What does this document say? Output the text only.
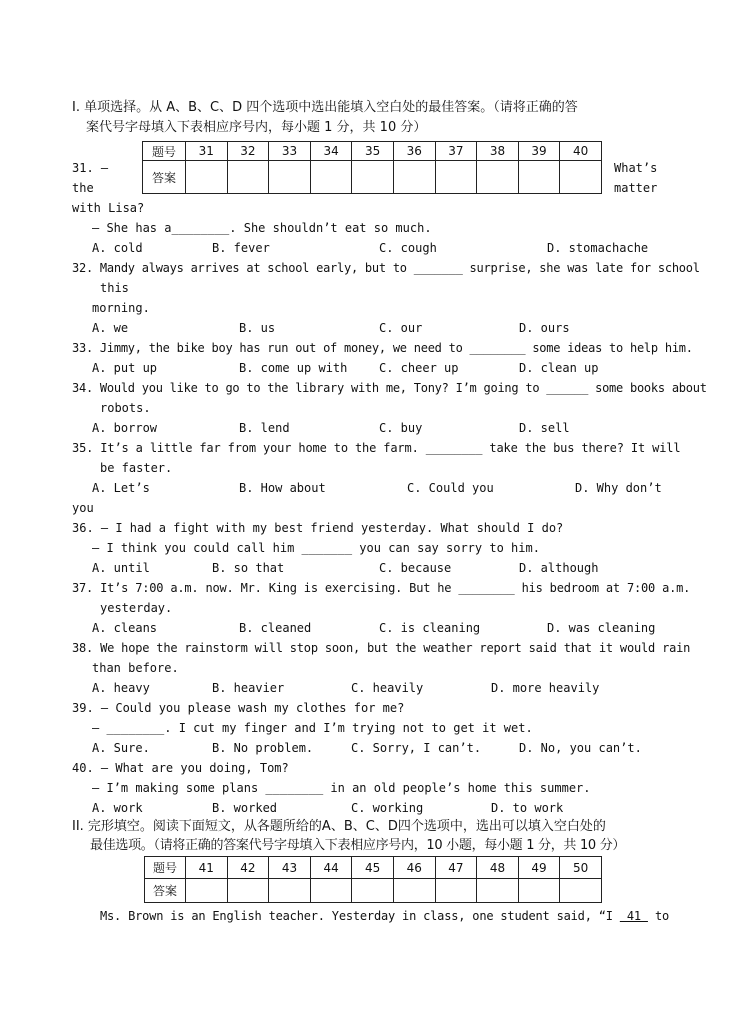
I. 单项选择。从 A、B、C、D 四个选项中选出能填入空白处的最佳答案。（请将正确的答
案代号字母填入下表相应序号内，每小题 1 分，共 10 分）
题号	31	32	33	34	35	36	37	38	39	40
答案										
31. —	What’s
the	matter
with Lisa?
— She has a________. She shouldn’t eat so much.
A. cold	B. fever	C. cough	D. stomachache
32. Mandy always arrives at school early, but to _______ surprise, she was late for school
this
morning.
A. we	B. us	C. our	D. ours
33. Jimmy, the bike boy has run out of money, we need to ________ some ideas to help him.
A. put up	B. come up with	C. cheer up	D. clean up
34. Would you like to go to the library with me, Tony? I’m going to ______ some books about
robots.
A. borrow	B. lend	C. buy	D. sell
35. It’s a little far from your home to the farm. ________ take the bus there? It will
be faster.
A. Let’s	B. How about	C. Could you	D. Why don’t
you
36. — I had a fight with my best friend yesterday. What should I do?
— I think you could call him _______ you can say sorry to him.
A. until	B. so that	C. because	D. although
37. It’s 7:00 a.m. now. Mr. King is exercising. But he ________ his bedroom at 7:00 a.m.
yesterday.
A. cleans	B. cleaned	C. is cleaning	D. was cleaning
38. We hope the rainstorm will stop soon, but the weather report said that it would rain
than before.
A. heavy	B. heavier	C. heavily	D. more heavily
39. — Could you please wash my clothes for me?
— ________. I cut my finger and I’m trying not to get it wet.
A. Sure.	B. No problem.	C. Sorry, I can’t.	D. No, you can’t.
40. — What are you doing, Tom?
— I’m making some plans ________ in an old people’s home this summer.
A. work	B. worked	C. working	D. to work
II. 完形填空。阅读下面短文，从各题所给的A、B、C、D四个选项中，选出可以填入空白处的
最佳选项。（请将正确的答案代号字母填入下表相应序号内，10 小题，每小题 1 分，共 10 分）
题号	41	42	43	44	45	46	47	48	49	50
答案										
Ms. Brown is an English teacher. Yesterday in class, one student said, “I  41  to
